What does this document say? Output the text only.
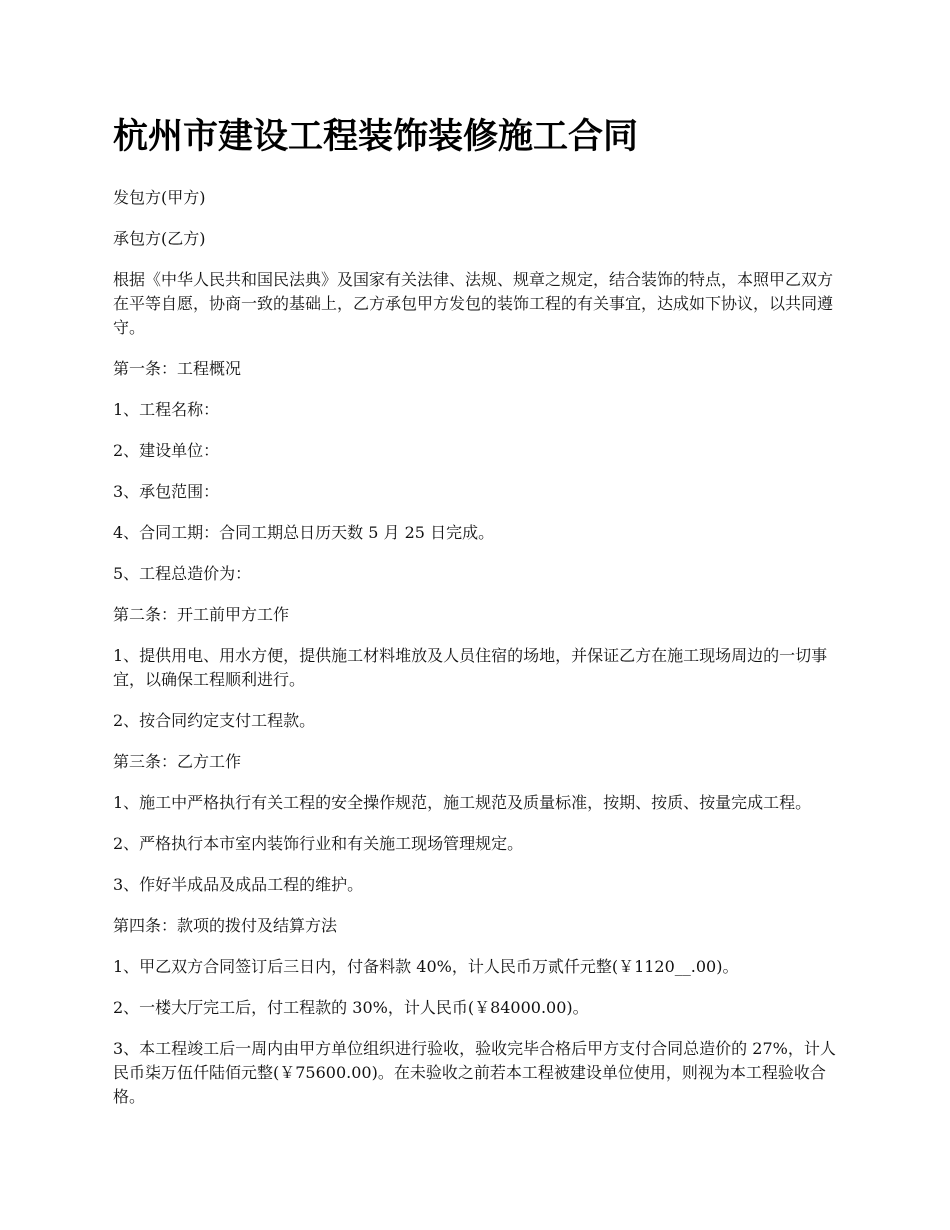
杭州市建设工程装饰装修施工合同

发包方(甲方)

承包方(乙方)

根据《中华人民共和国民法典》及国家有关法律、法规、规章之规定，结合装饰的特点，本照甲乙双方在平等自愿，协商一致的基础上，乙方承包甲方发包的装饰工程的有关事宜，达成如下协议，以共同遵守。

第一条：工程概况

1、工程名称：

2、建设单位：

3、承包范围：

4、合同工期：合同工期总日历天数 5 月 25 日完成。

5、工程总造价为：

第二条：开工前甲方工作

1、提供用电、用水方便，提供施工材料堆放及人员住宿的场地，并保证乙方在施工现场周边的一切事宜，以确保工程顺利进行。

2、按合同约定支付工程款。

第三条：乙方工作

1、施工中严格执行有关工程的安全操作规范，施工规范及质量标准，按期、按质、按量完成工程。

2、严格执行本市室内装饰行业和有关施工现场管理规定。

3、作好半成品及成品工程的维护。

第四条：款项的拨付及结算方法

1、甲乙双方合同签订后三日内，付备料款 40%，计人民币万贰仟元整(￥1120__.00)。

2、一楼大厅完工后，付工程款的 30%，计人民币(￥84000.00)。

3、本工程竣工后一周内由甲方单位组织进行验收，验收完毕合格后甲方支付合同总造价的 27%，计人民币柒万伍仟陆佰元整(￥75600.00)。在未验收之前若本工程被建设单位使用，则视为本工程验收合格。
